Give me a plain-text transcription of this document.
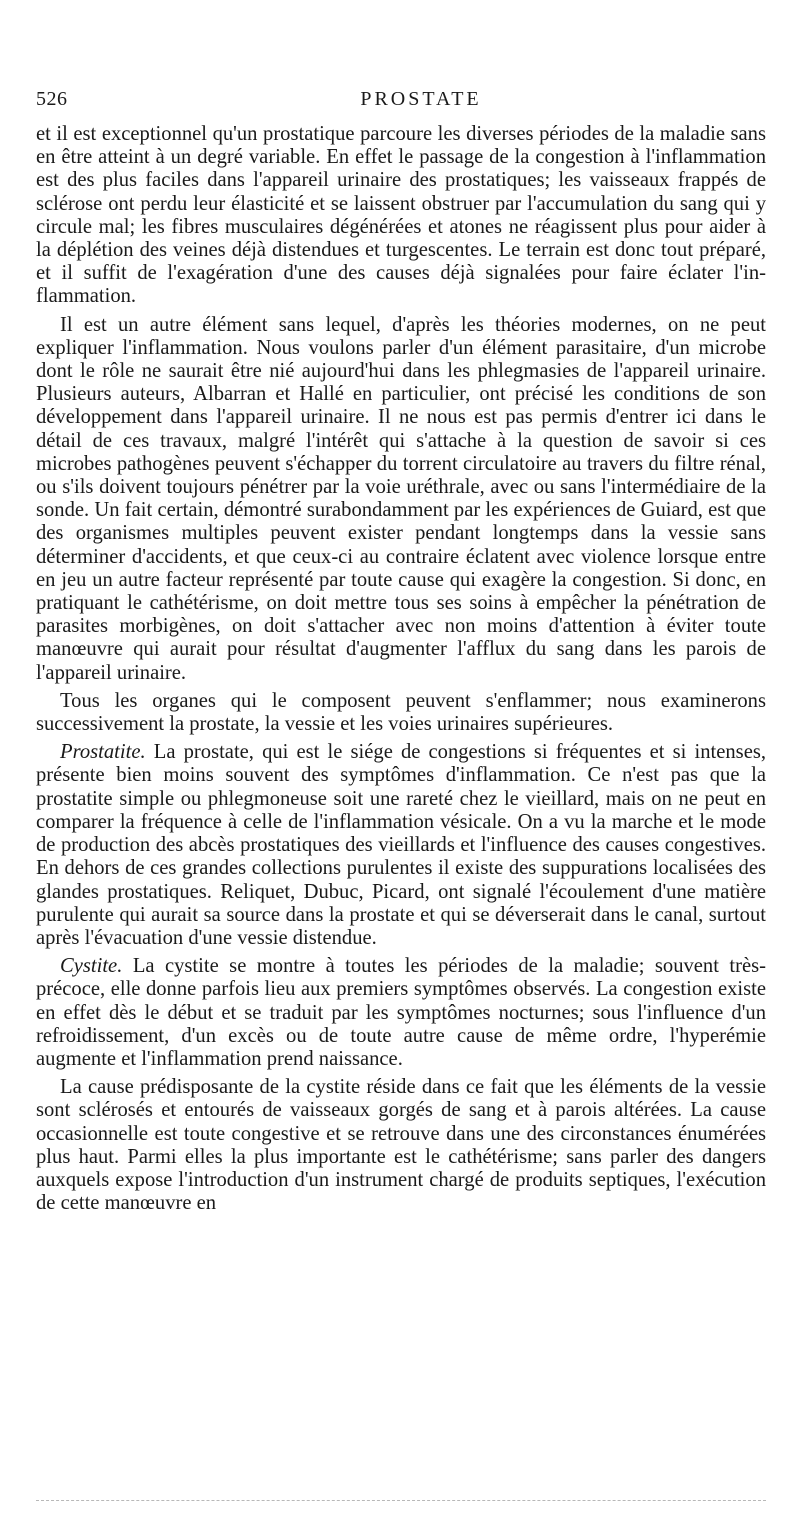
526	PROSTATE

et il est exceptionnel qu'un prostatique parcoure les diverses périodes de la maladie sans en être atteint à un degré variable. En effet le passage de la congestion à l'inflammation est des plus faciles dans l'appareil urinaire des prostatiques; les vaisseaux frappés de sclérose ont perdu leur élasticité et se laissent obstruer par l'accumulation du sang qui y circule mal; les fibres musculaires dégénérées et atones ne réagissent plus pour aider à la déplétion des veines déjà distendues et turgescentes. Le terrain est donc tout préparé, et il suffit de l'exagération d'une des causes déjà signalées pour faire éclater l'inflammation.

Il est un autre élément sans lequel, d'après les théories modernes, on ne peut expliquer l'inflammation. Nous voulons parler d'un élément parasitaire, d'un microbe dont le rôle ne saurait être nié aujourd'hui dans les phlegmasies de l'appareil urinaire. Plusieurs auteurs, Albarran et Hallé en particulier, ont précisé les conditions de son développement dans l'appareil urinaire. Il ne nous est pas permis d'entrer ici dans le détail de ces travaux, malgré l'intérêt qui s'attache à la question de savoir si ces microbes pathogènes peuvent s'échapper du torrent circulatoire au travers du filtre rénal, ou s'ils doivent toujours pénétrer par la voie uréthrale, avec ou sans l'intermédiaire de la sonde. Un fait certain, démontré surabondamment par les expériences de Guiard, est que des organismes multiples peuvent exister pendant longtemps dans la vessie sans déterminer d'accidents, et que ceux-ci au contraire éclatent avec violence lorsque entre en jeu un autre facteur représenté par toute cause qui exagère la congestion. Si donc, en pratiquant le cathétérisme, on doit mettre tous ses soins à empêcher la pénétration de parasites morbigènes, on doit s'attacher avec non moins d'attention à éviter toute manœuvre qui aurait pour résultat d'augmenter l'afflux du sang dans les parois de l'appareil urinaire.

Tous les organes qui le composent peuvent s'enflammer; nous examinerons successivement la prostate, la vessie et les voies urinaires supérieures.

Prostatite. La prostate, qui est le siége de congestions si fréquentes et si intenses, présente bien moins souvent des symptômes d'inflammation. Ce n'est pas que la prostatite simple ou phlegmoneuse soit une rareté chez le vieillard, mais on ne peut en comparer la fréquence à celle de l'inflammation vésicale. On a vu la marche et le mode de production des abcès prostatiques des vieillards et l'influence des causes congestives. En dehors de ces grandes collections purulentes il existe des suppurations localisées des glandes prostatiques. Reliquet, Dubuc, Picard, ont signalé l'écoulement d'une matière purulente qui aurait sa source dans la prostate et qui se déverserait dans le canal, surtout après l'évacuation d'une vessie distendue.

Cystite. La cystite se montre à toutes les périodes de la maladie; souvent très-précoce, elle donne parfois lieu aux premiers symptômes observés. La congestion existe en effet dès le début et se traduit par les symptômes nocturnes; sous l'influence d'un refroidissement, d'un excès ou de toute autre cause de même ordre, l'hyperémie augmente et l'inflammation prend naissance.

La cause prédisposante de la cystite réside dans ce fait que les éléments de la vessie sont sclérosés et entourés de vaisseaux gorgés de sang et à parois altérées. La cause occasionnelle est toute congestive et se retrouve dans une des circonstances énumérées plus haut. Parmi elles la plus importante est le cathétérisme; sans parler des dangers auxquels expose l'introduction d'un instrument chargé de produits septiques, l'exécution de cette manœuvre en
